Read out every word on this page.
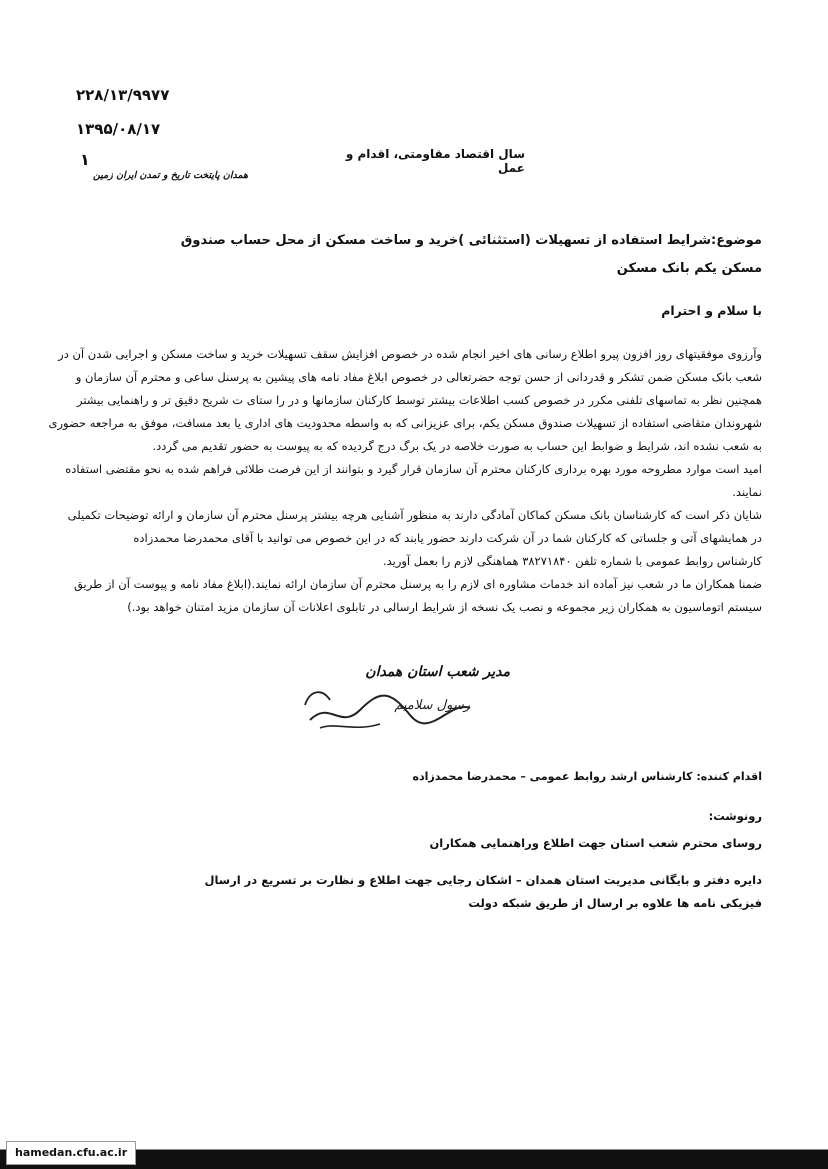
۲۲۸/۱۳/۹۹۷۷
۱۳۹۵/۰۸/۱۷
۱	سال اقتصاد مقاومتی، اقدام و عمل
همدان پایتخت تاریخ و تمدن ایران زمین
موضوع:شرایط استفاده از تسهیلات (استثنائی )خرید و ساخت مسکن از محل حساب صندوق
مسکن یکم بانک مسکن
با سلام و احترام
وآرزوی موفقیتهای روز افزون پیرو اطلاع رسانی های اخیر انجام شده در خصوص افزایش سقف تسهیلات خرید و ساخت مسکن و اجرایی شدن آن در
شعب بانک مسکن ضمن تشکر و قدردانی از حسن توجه حضرتعالی در خصوص ابلاغ مفاد نامه های پیشین به پرسنل ساعی و محترم آن سازمان و
همچنین نظر به تماسهای تلفنی مکرر در خصوص کسب اطلاعات بیشتر توسط کارکنان سازمانها و در را ستای ت شریح دقیق تر و راهنمایی بیشتر
شهروندان متقاضی استفاده از تسهیلات صندوق مسکن یکم، برای عزیزانی که به واسطه محدودیت های اداری یا بعد مسافت، موفق به مراجعه حضوری
به شعب نشده اند، شرایط و ضوابط این حساب به صورت خلاصه در یک برگ درج گردیده که به پیوست به حضور تقدیم می گردد.
امید است موارد مطروحه مورد بهره برداری کارکنان محترم آن سازمان قرار گیرد و بتوانند از این فرصت طلائی فراهم شده به نحو مقتضی استفاده
نمایند.
شایان ذکر است که کارشناسان بانک مسکن کماکان آمادگی دارند به منظور آشنایی هرچه بیشتر پرسنل محترم آن سازمان و ارائه توضیحات تکمیلی
در همایشهای آتی و جلساتی که کارکنان شما در آن شرکت دارند حضور یابند که در این خصوص می توانید با آقای محمدرضا محمدزاده
کارشناس روابط عمومی با شماره تلفن ۳۸۲۷۱۸۴۰ هماهنگی لازم را بعمل آورید.
ضمنا همکاران ما در شعب نیز آماده اند خدمات مشاوره ای لازم را به پرسنل محترم آن سازمان ارائه نمایند.(ابلاغ مفاد نامه و پیوست آن از طریق
سیستم اتوماسیون به همکاران زیر مجموعه و نصب یک نسخه از شرایط ارسالی در تابلوی اعلانات آن سازمان مزید امتنان خواهد بود.)
مدیر شعب استان همدان
رسول سلامیم
اقدام کننده: کارشناس ارشد روابط عمومی – محمدرضا محمدزاده
رونوشت:
روسای محترم شعب استان جهت اطلاع وراهنمایی همکاران
دایره دفتر و بایگانی مدیریت استان همدان – اشکان رجایی جهت اطلاع و نظارت بر تسریع در ارسال
فیزیکی نامه ها علاوه بر ارسال از طریق شبکه دولت
hamedan.cfu.ac.ir
